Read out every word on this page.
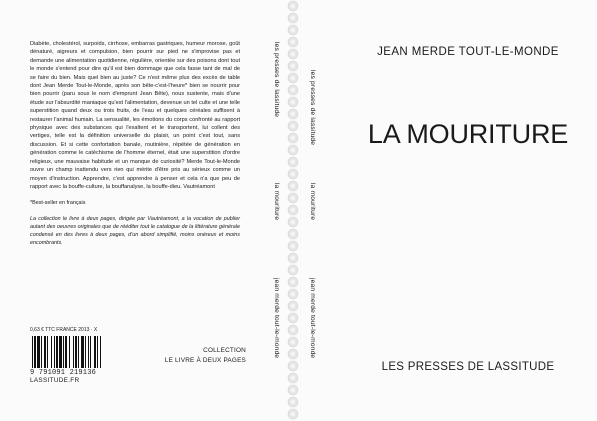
Diabète, cholestérol, surpoids, cirrhose, embarras gastriques, humeur morose, goût dénaturé, aigreurs et compulsion, bien pourrir sur pied ne s'improvise pas et demande une alimentation quotidienne, régulière, orientée sur des poisons dont tout le monde s'entend pour dire qu'il est bien dommage que cela fasse tant de mal de se faire du bien. Mais quel bien au juste? Ce n'est même plus des excès de table dont Jean Merde Tout-le-Monde, après son bête-c'est-l'heure* bien se nourrir pour bien pourrir (paru sous le nom d'emprunt Jean Bête), nous sustente, mais d'une étude sur l'absurdité maniaque qu'est l'alimentation, devenue un tel culte et une telle superstition quand deux ou trois fruits, de l'eau et quelques céréales suffisent à restaurer l'animal humain. La sensualité, les émotions du corps confronté au rapport physique avec des substances qui l'exaltent et le transportent, lui collent des vertiges, telle est la définition universelle du plaisir, un point c'est tout, sans discussion. Et si cette confortation banale, routinière, répétée de génération en génération comme le catéchisme de l'homme éternel, était une superstition d'ordre religieux, une mauvaise habitude et un manque de curiosité? Merde Tout-le-Monde ouvre un champ inattendu vers rien qui mérite d'être pris au sérieux comme un moyen d'instruction. Apprendre, c'est apprendre à penser et cela n'a que peu de rapport avec la bouffe-culture, la bouffanalyse, la bouffe-dieu. Vautréamont

*Best-seller en français

La collection le livre à deux pages, dirigée par Vautréamont, a la vocation de publier autant des oeuvres originales que de rééditer tout le catalogue de la littérature générale condensé en des livres à deux pages, d'un abord simplifié, moins onéreux et moins encombrants.

0,63 € TTC FRANCE 2013 · X
9 791091 219136
LASSITUDE.FR
COLLECTION
LE LIVRE À DEUX PAGES
les presses de lassitude
la mouriture
jean merde tout-le-monde
les presses de lassitude
la mouriture
jean merde tout-le-monde
JEAN MERDE TOUT-LE-MONDE
LA MOURITURE
LES PRESSES DE LASSITUDE
